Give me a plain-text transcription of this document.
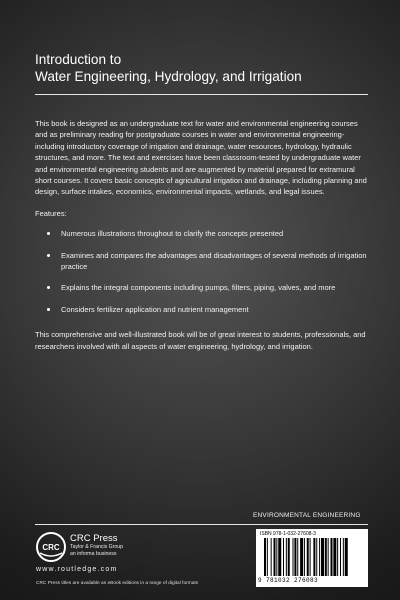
Introduction to
Water Engineering, Hydrology, and Irrigation

This book is designed as an undergraduate text for water and environmental engineering courses and as preliminary reading for postgraduate courses in water and environmental engineering- including introductory coverage of irrigation and drainage, water resources, hydrology, hydraulic structures, and more. The text and exercises have been classroom-tested by undergraduate water and environmental engineering students and are augmented by material prepared for extramural short courses. It covers basic concepts of agricultural irrigation and drainage, including planning and design, surface intakes, economics, environmental impacts, wetlands, and legal issues.

Features:

Numerous illustrations throughout to clarify the concepts presented
Examines and compares the advantages and disadvantages of several methods of irrigation practice
Explains the integral components including pumps, filters, piping, valves, and more
Considers fertilizer application and nutrient management

This comprehensive and well-illustrated book will be of great interest to students, professionals, and researchers involved with all aspects of water engineering, hydrology, and irrigation.

ENVIRONMENTAL ENGINEERING
CRC
CRC Press
Taylor & Francis Group
an informa business
www.routledge.com
CRC Press titles are available as eBook editions in a range of digital formats
ISBN 978-1-032-27608-3
9 781032 276083
